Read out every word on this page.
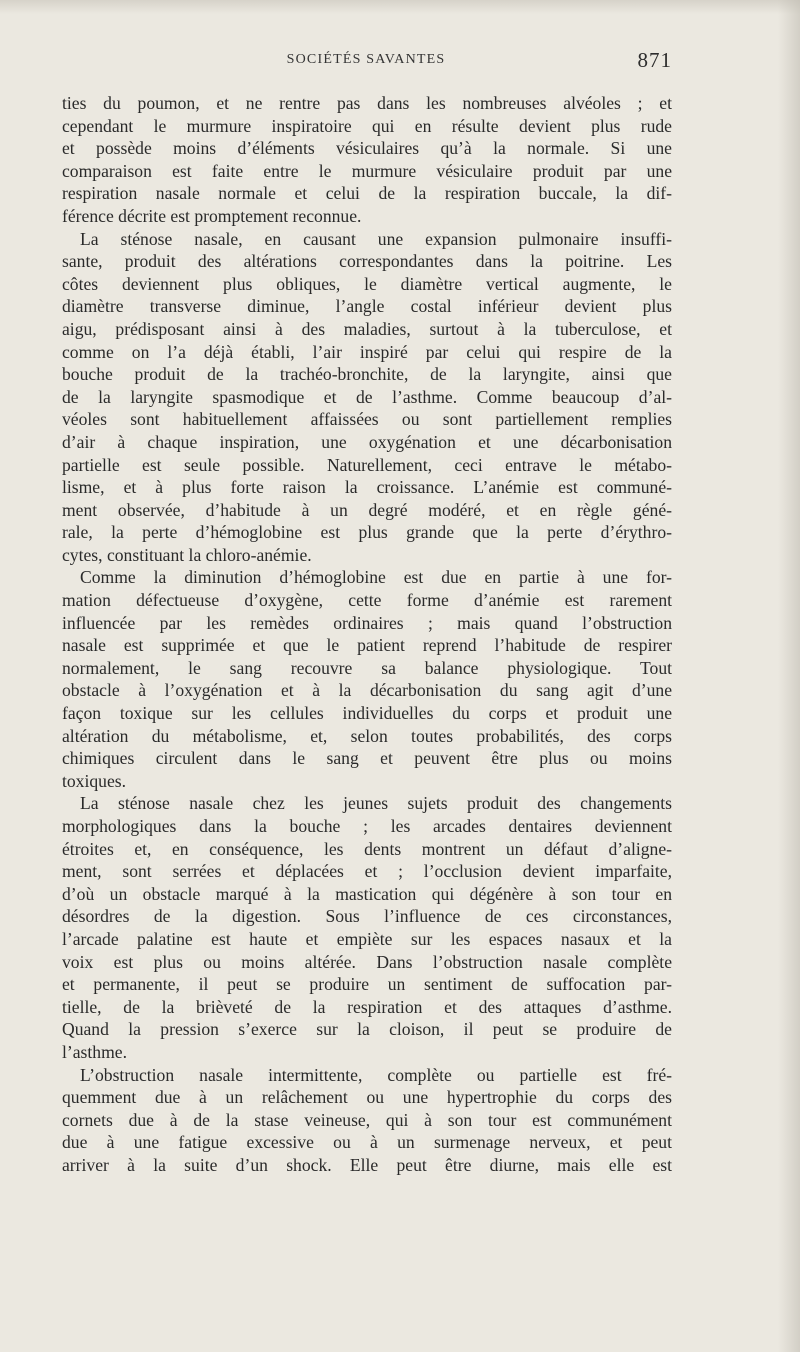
SOCIÉTÉS SAVANTES	871
ties du poumon, et ne rentre pas dans les nombreuses alvéoles ; et
cependant le murmure inspiratoire qui en résulte devient plus rude
et possède moins d’éléments vésiculaires qu’à la normale. Si une
comparaison est faite entre le murmure vésiculaire produit par une
respiration nasale normale et celui de la respiration buccale, la dif-
férence décrite est promptement reconnue.
La sténose nasale, en causant une expansion pulmonaire insuffi-
sante, produit des altérations correspondantes dans la poitrine. Les
côtes deviennent plus obliques, le diamètre vertical augmente, le
diamètre transverse diminue, l’angle costal inférieur devient plus
aigu, prédisposant ainsi à des maladies, surtout à la tuberculose, et
comme on l’a déjà établi, l’air inspiré par celui qui respire de la
bouche produit de la trachéo-bronchite, de la laryngite, ainsi que
de la laryngite spasmodique et de l’asthme. Comme beaucoup d’al-
véoles sont habituellement affaissées ou sont partiellement remplies
d’air à chaque inspiration, une oxygénation et une décarbonisation
partielle est seule possible. Naturellement, ceci entrave le métabo-
lisme, et à plus forte raison la croissance. L’anémie est communé-
ment observée, d’habitude à un degré modéré, et en règle géné-
rale, la perte d’hémoglobine est plus grande que la perte d’érythro-
cytes, constituant la chloro-anémie.
Comme la diminution d’hémoglobine est due en partie à une for-
mation défectueuse d’oxygène, cette forme d’anémie est rarement
influencée par les remèdes ordinaires ; mais quand l’obstruction
nasale est supprimée et que le patient reprend l’habitude de respirer
normalement, le sang recouvre sa balance physiologique. Tout
obstacle à l’oxygénation et à la décarbonisation du sang agit d’une
façon toxique sur les cellules individuelles du corps et produit une
altération du métabolisme, et, selon toutes probabilités, des corps
chimiques circulent dans le sang et peuvent être plus ou moins
toxiques.
La sténose nasale chez les jeunes sujets produit des changements
morphologiques dans la bouche ; les arcades dentaires deviennent
étroites et, en conséquence, les dents montrent un défaut d’aligne-
ment, sont serrées et déplacées et ; l’occlusion devient imparfaite,
d’où un obstacle marqué à la mastication qui dégénère à son tour en
désordres de la digestion. Sous l’influence de ces circonstances,
l’arcade palatine est haute et empiète sur les espaces nasaux et la
voix est plus ou moins altérée. Dans l’obstruction nasale complète
et permanente, il peut se produire un sentiment de suffocation par-
tielle, de la brièveté de la respiration et des attaques d’asthme.
Quand la pression s’exerce sur la cloison, il peut se produire de
l’asthme.
L’obstruction nasale intermittente, complète ou partielle est fré-
quemment due à un relâchement ou une hypertrophie du corps des
cornets due à de la stase veineuse, qui à son tour est communément
due à une fatigue excessive ou à un surmenage nerveux, et peut
arriver à la suite d’un shock. Elle peut être diurne, mais elle est
